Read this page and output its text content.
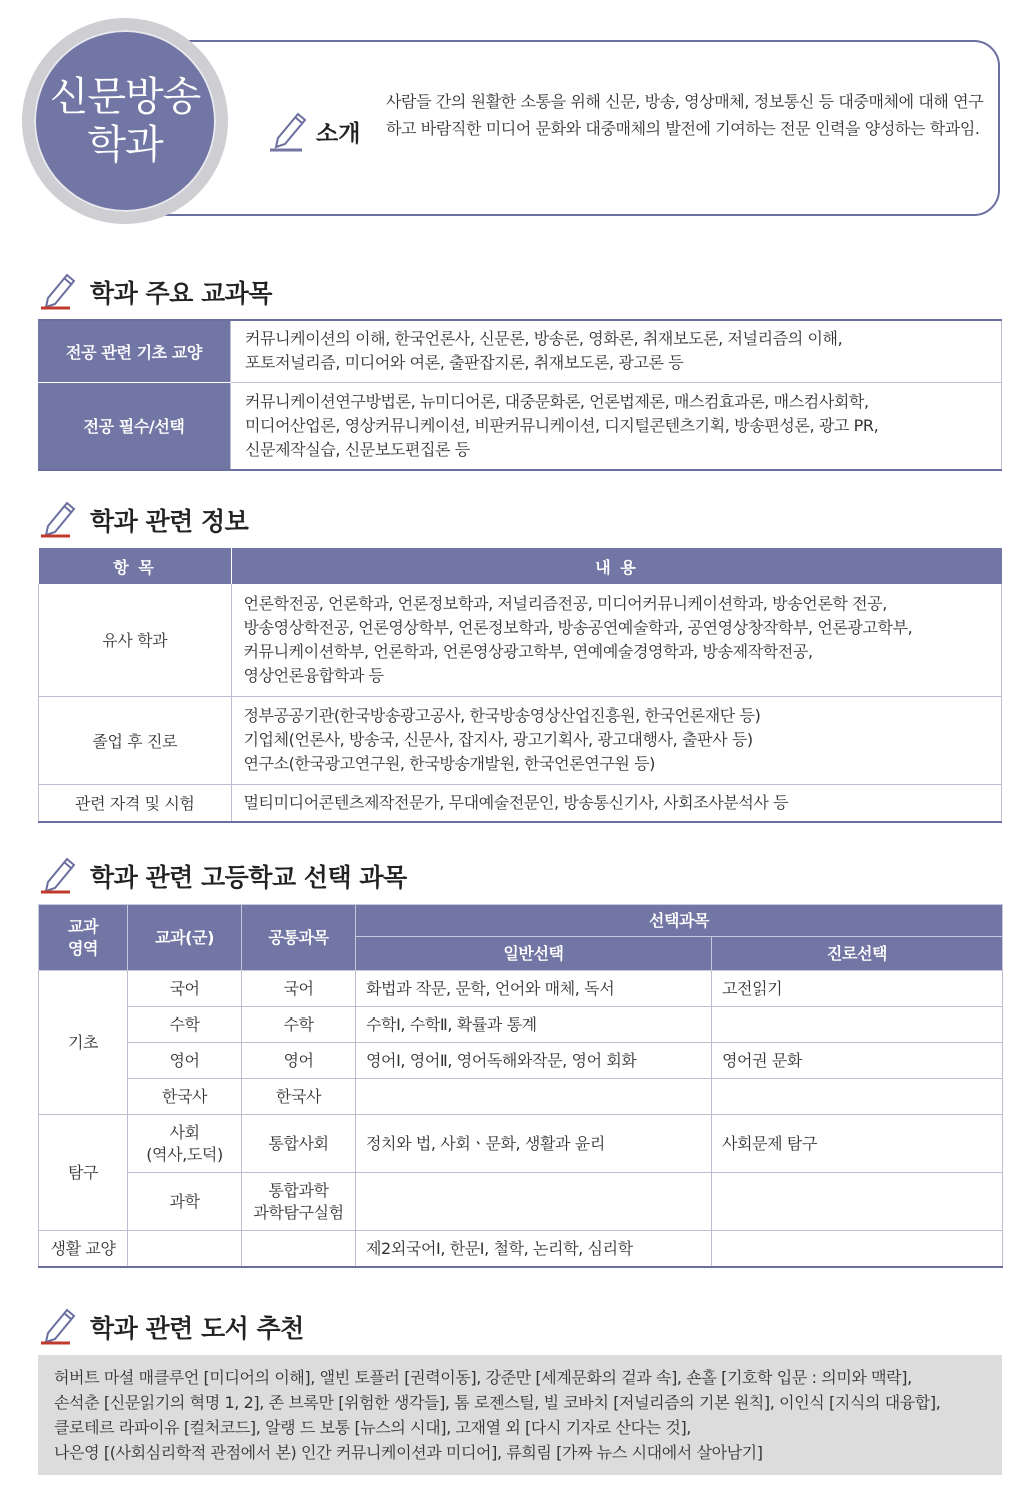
신문방송
학과	소개
사람들 간의 원활한 소통을 위해 신문, 방송, 영상매체, 정보통신 등 대중매체에 대해 연구하고 바람직한 미디어 문화와 대중매체의 발전에 기여하는 전문 인력을 양성하는 학과임.
학과 주요 교과목
전공 관련 기초 교양	커뮤니케이션의 이해, 한국언론사, 신문론, 방송론, 영화론, 취재보도론, 저널리즘의 이해,
포토저널리즘, 미디어와 여론, 출판잡지론, 취재보도론, 광고론 등

전공 필수/선택	커뮤니케이션연구방법론, 뉴미디어론, 대중문화론, 언론법제론, 매스컴효과론, 매스컴사회학,
미디어산업론, 영상커뮤니케이션, 비판커뮤니케이션, 디지털콘텐츠기획, 방송편성론, 광고 PR,
신문제작실습, 신문보도편집론 등
학과 관련 정보
항 목	내 용
유사 학과	언론학전공, 언론학과, 언론정보학과, 저널리즘전공, 미디어커뮤니케이션학과, 방송언론학 전공,
방송영상학전공, 언론영상학부, 언론정보학과, 방송공연예술학과, 공연영상창작학부, 언론광고학부,
커뮤니케이션학부, 언론학과, 언론영상광고학부, 연예예술경영학과, 방송제작학전공,
영상언론융합학과 등

졸업 후 진로	정부공공기관(한국방송광고공사, 한국방송영상산업진흥원, 한국언론재단 등)
기업체(언론사, 방송국, 신문사, 잡지사, 광고기획사, 광고대행사, 출판사 등)
연구소(한국광고연구원, 한국방송개발원, 한국언론연구원 등)

관련 자격 및 시험	멀티미디어콘텐츠제작전문가, 무대예술전문인, 방송통신기사, 사회조사분석사 등
학과 관련 고등학교 선택 과목
교과
영역	교과(군)	공통과목	선택과목	
			일반선택	진로선택
기초	국어	국어	화법과 작문, 문학, 언어와 매체, 독서	고전읽기
	수학	수학	수학Ⅰ, 수학Ⅱ, 확률과 통계	
	영어	영어	영어Ⅰ, 영어Ⅱ, 영어독해와작문, 영어 회화	영어권 문화
	한국사	한국사		
탐구	사회
(역사,도덕)	통합사회	정치와 법, 사회ㆍ문화, 생활과 윤리	사회문제 탐구
	과학	통합과학
과학탐구실험		
생활 교양			제2외국어Ⅰ, 한문Ⅰ, 철학, 논리학, 심리학	
학과 관련 도서 추천
허버트 마셜 매클루언 [미디어의 이해], 앨빈 토플러 [권력이동], 강준만 [세계문화의 겉과 속], 숀홀 [기호학 입문 : 의미와 맥락],
손석춘 [신문읽기의 혁명 1, 2], 존 브록만 [위험한 생각들], 톰 로젠스틸, 빌 코바치 [저널리즘의 기본 원칙], 이인식 [지식의 대융합],
클로테르 라파이유 [컬처코드], 알랭 드 보통 [뉴스의 시대], 고재열 외 [다시 기자로 산다는 것],
나은영 [(사회심리학적 관점에서 본) 인간 커뮤니케이션과 미디어], 류희림 [가짜 뉴스 시대에서 살아남기]
